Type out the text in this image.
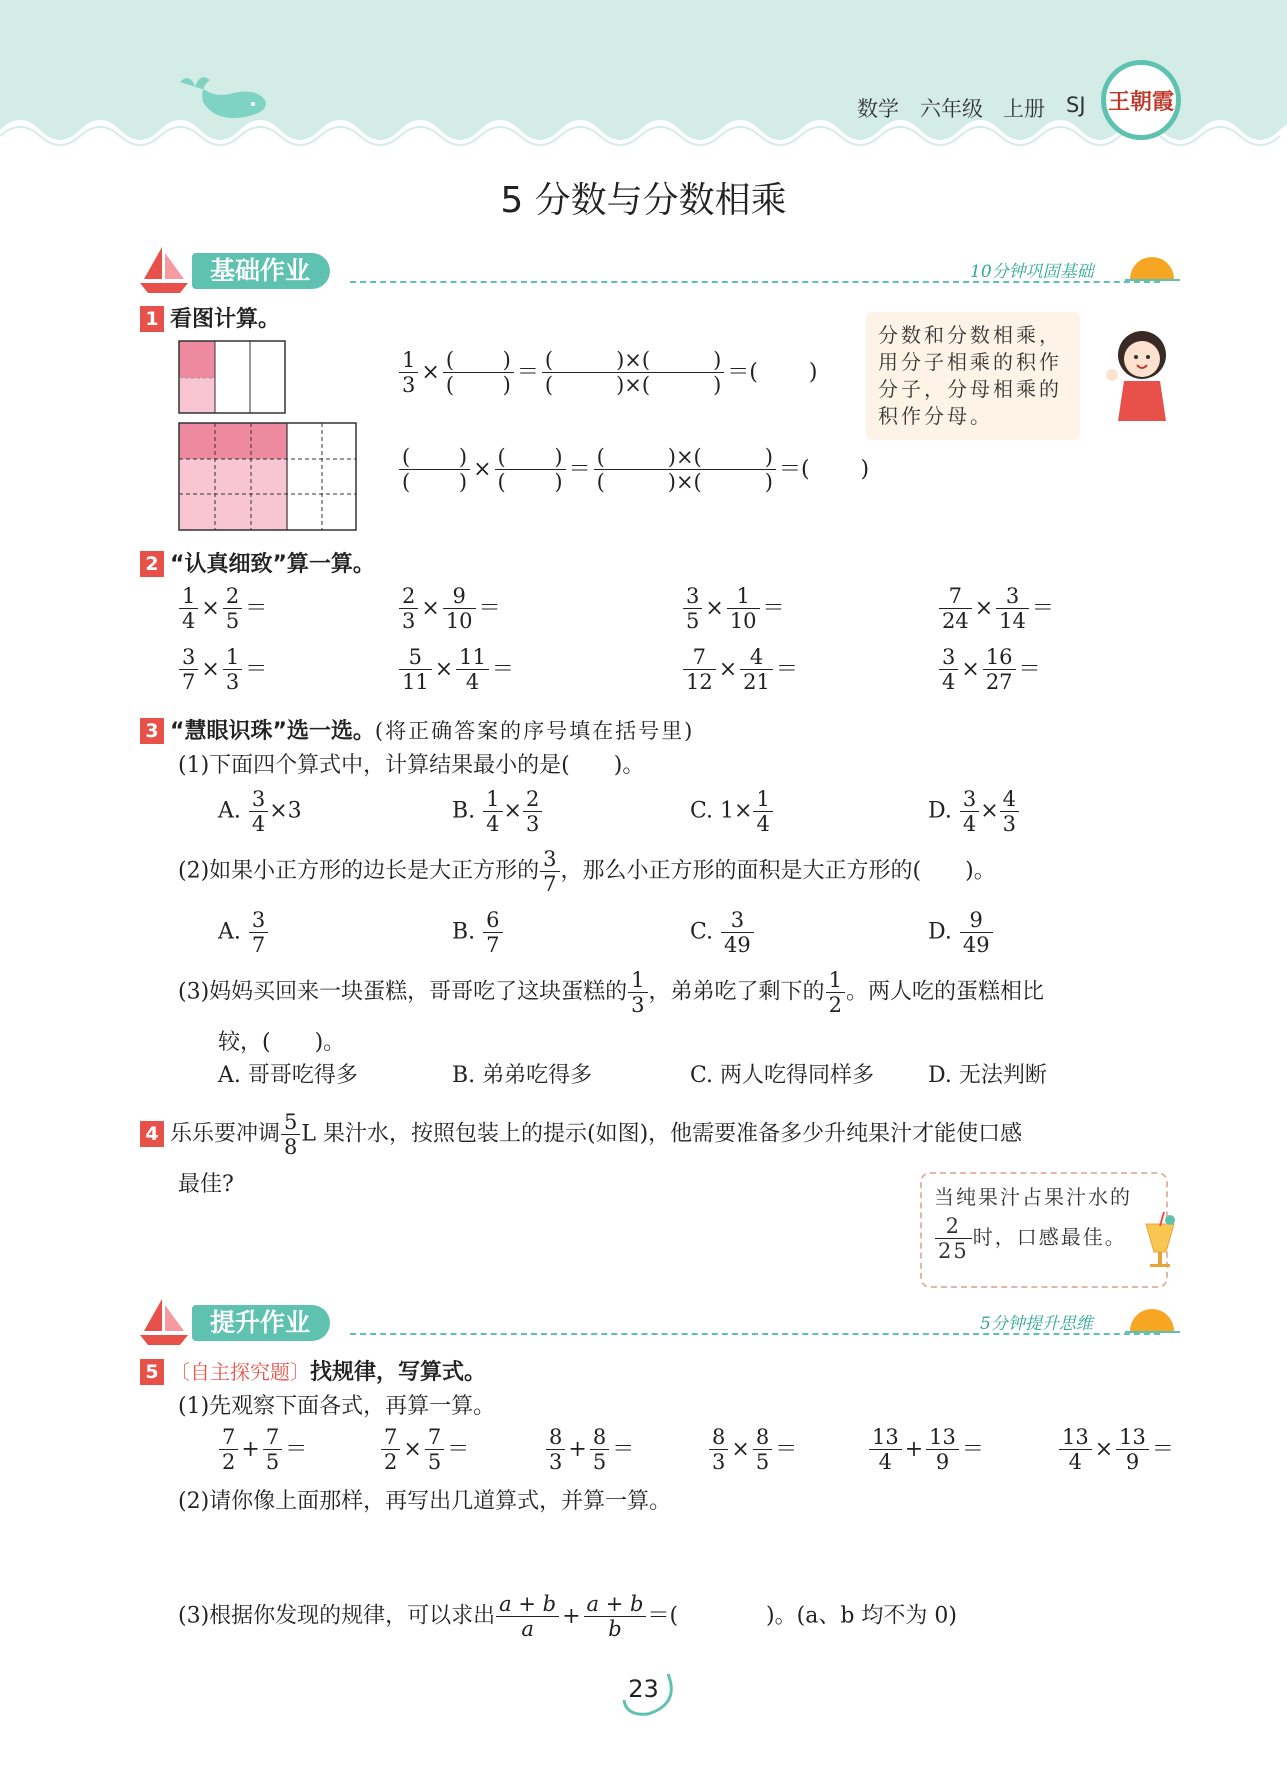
数学 六年级 上册 SJ 王朝霞
5 分数与分数相乘
基础作业	10分钟巩固基础
1 看图计算。
$\frac{1}{3} \times \frac{( )}{( )} = \frac{( )\times( )}{( )\times( )}$ ＝(　　 )
$\frac{( )}{( )} \times \frac{( )}{( )} = \frac{( )\times( )}{( )\times( )}$ ＝(　　 )
分数和分数相乘，
用分子相乘的积作
分子，分母相乘的
积作分母。
2 “认真细致”算一算。
3 “慧眼识珠”选一选。(将正确答案的序号填在括号里)
(1)下面四个算式中，计算结果最小的是(　　)。
A. $\frac{3}{4} \times 3$	B. $\frac{1}{4} \times \frac{2}{3}$	C. $1\times \frac{1}{4}$	D. $\frac{3}{4} \times \frac{4}{3}$
(2)如果小正方形的边长是大正方形的 $\frac{3}{7}$ ，那么小正方形的面积是大正方形的(　　)。
A. $\frac{3}{7}$	B. $\frac{6}{7}$	C. $\frac{3}{49}$	D. $\frac{9}{49}$
(3)妈妈买回来一块蛋糕，哥哥吃了这块蛋糕的 $\frac{1}{3}$ ，弟弟吃了剩下的 $\frac{1}{2}$ 。两人吃的蛋糕相比
较，(　　)。
A. 哥哥吃得多	B. 弟弟吃得多	C. 两人吃得同样多 D. 无法判断
4 乐乐要冲调 $\frac{5}{8}$ L 果汁水，按照包装上的提示(如图)，他需要准备多少升纯果汁才能使口感
最佳?	当纯果汁占果汁水的
$\frac{2}{25}$ 时，口感最佳。
提升作业	5分钟提升思维
5 〔自主探究题〕找规律，写算式。
(1)先观察下面各式，再算一算。
(2)请你像上面那样，再写出几道算式，并算一算。
(3)根据你发现的规律，可以求出 $\frac{a + b}{a} + \frac{a + b}{b}$ ＝(　　　　)。(a、b 均不为 0)
23
$\frac{1}{4} \times \frac{2}{5}$ ＝	$\frac{2}{3} \times \frac{9}{10}$ ＝	$\frac{3}{5} \times \frac{1}{10}$ ＝	$\frac{7}{24} \times \frac{3}{14}$ ＝
$\frac{3}{7} \times \frac{1}{3}$ ＝	$\frac{5}{11} \times \frac{11}{4}$ ＝	$\frac{7}{12} \times \frac{4}{21}$ ＝	$\frac{3}{4} \times \frac{16}{27}$ ＝
$\frac{7}{2} + \frac{7}{5}$ ＝	$\frac{7}{2} \times \frac{7}{5}$ ＝	$\frac{8}{3} + \frac{8}{5}$ ＝	$\frac{8}{3} \times \frac{8}{5}$ ＝	$\frac{13}{4} + \frac{13}{9}$ ＝	$\frac{13}{4} \times \frac{13}{9}$ ＝
